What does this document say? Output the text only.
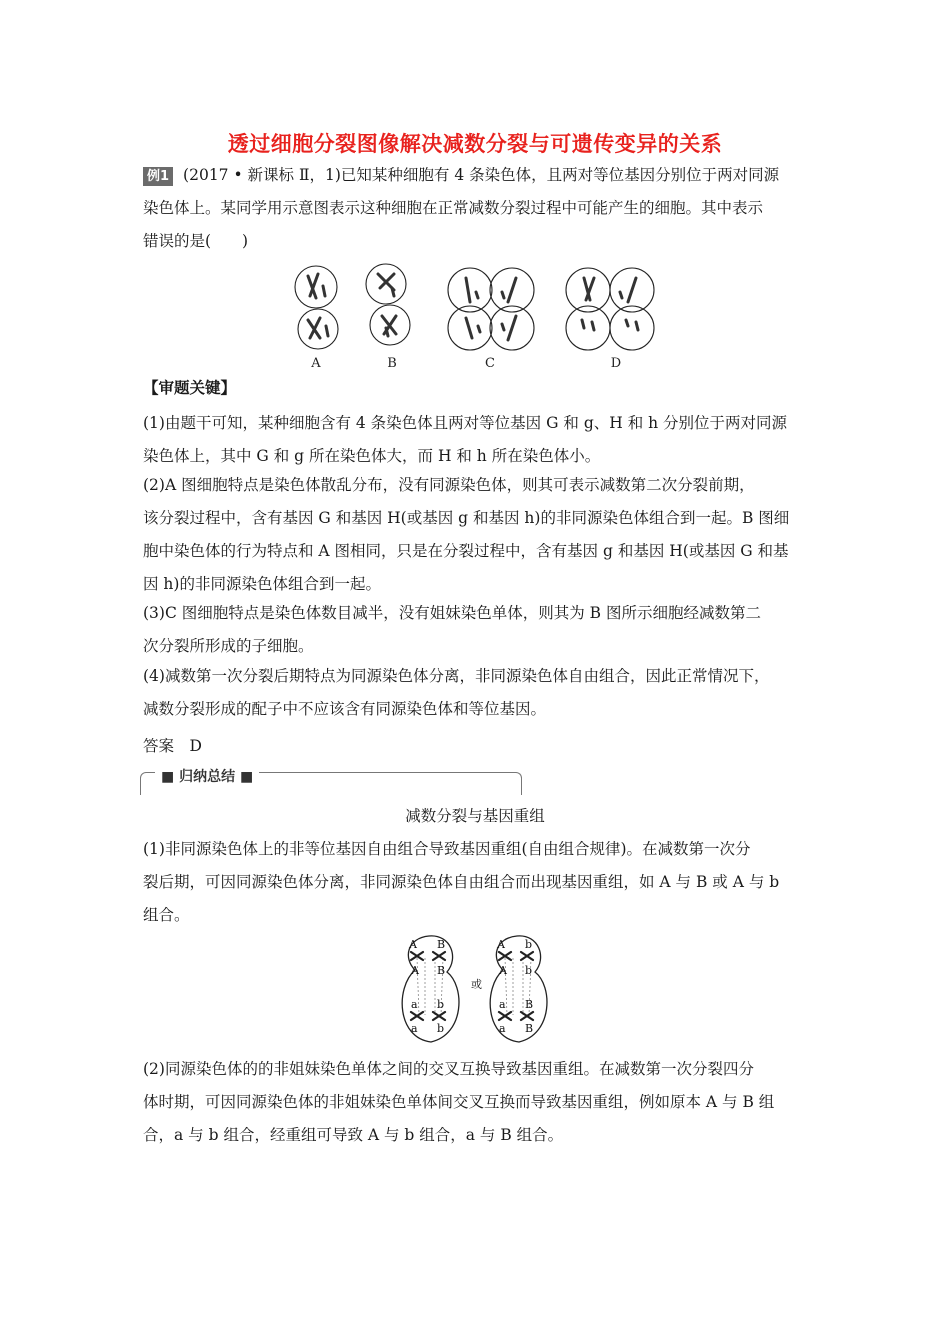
透过细胞分裂图像解决减数分裂与可遗传变异的关系
例1 (2017 • 新课标 Ⅱ，1)已知某种细胞有 4 条染色体，且两对等位基因分别位于两对同源
染色体上。某同学用示意图表示这种细胞在正常减数分裂过程中可能产生的细胞。其中表示
错误的是(　　)
A	B	C	D
【审题关键】
(1)由题干可知，某种细胞含有 4 条染色体且两对等位基因 G 和 g、H 和 h 分别位于两对同源
染色体上，其中 G 和 g 所在染色体大，而 H 和 h 所在染色体小。
(2)A 图细胞特点是染色体散乱分布，没有同源染色体，则其可表示减数第二次分裂前期，
该分裂过程中，含有基因 G 和基因 H(或基因 g 和基因 h)的非同源染色体组合到一起。B 图细
胞中染色体的行为特点和 A 图相同，只是在分裂过程中，含有基因 g 和基因 H(或基因 G 和基
因 h)的非同源染色体组合到一起。
(3)C 图细胞特点是染色体数目减半，没有姐妹染色单体，则其为 B 图所示细胞经减数第二
次分裂所形成的子细胞。
(4)减数第一次分裂后期特点为同源染色体分离，非同源染色体自由组合，因此正常情况下，
减数分裂形成的配子中不应该含有同源染色体和等位基因。
答案　D
■ 归纳总结 ■
减数分裂与基因重组
(1)非同源染色体上的非等位基因自由组合导致基因重组(自由组合规律)。在减数第一次分
裂后期，可因同源染色体分离，非同源染色体自由组合而出现基因重组，如 A 与 B 或 A 与 b
组合。
A B
A B
a b
a b
A b
A b
a B
a B
或
(2)同源染色体的的非姐妹染色单体之间的交叉互换导致基因重组。在减数第一次分裂四分
体时期，可因同源染色体的非姐妹染色单体间交叉互换而导致基因重组，例如原本 A 与 B 组
合，a 与 b 组合，经重组可导致 A 与 b 组合，a 与 B 组合。
